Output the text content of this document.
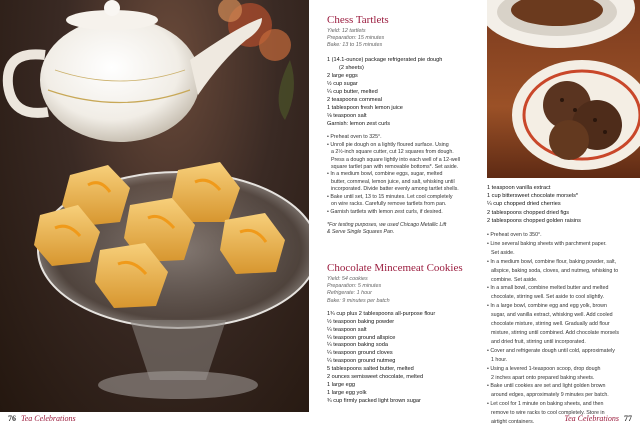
Chess Tartlets
Yield: 12 tartlets
Preparation: 15 minutes
Bake: 13 to 15 minutes
1 (14.1-ounce) package refrigerated pie dough
(2 sheets)
2 large eggs
½ cup sugar
¼ cup butter, melted
2 teaspoons cornmeal
1 tablespoon fresh lemon juice
⅛ teaspoon salt
Garnish: lemon zest curls
• Preheat oven to 325°.
• Unroll pie dough on a lightly floured surface. Using
a 2½-inch square cutter, cut 12 squares from dough.
Press a dough square lightly into each well of a 12-well
square tartlet pan with removable bottoms*. Set aside.
• In a medium bowl, combine eggs, sugar, melted
butter, cornmeal, lemon juice, and salt, whisking until
incorporated. Divide batter evenly among tartlet shells.
• Bake until set, 13 to 15 minutes. Let cool completely
on wire racks. Carefully remove tartlets from pan.
• Garnish tartlets with lemon zest curls, if desired.
*For testing purposes, we used Chicago Metallic Lift
& Serve Single Squares Pan.
Chocolate Mincemeat Cookies
Yield: 54 cookies
Preparation: 5 minutes
Refrigerate: 1 hour
Bake: 9 minutes per batch
1¾ cup plus 2 tablespoons all-purpose flour
½ teaspoon baking powder
¼ teaspoon salt
¼ teaspoon ground allspice
¼ teaspoon baking soda
¼ teaspoon ground cloves
¼ teaspoon ground nutmeg
5 tablespoons salted butter, melted
2 ounces semisweet chocolate, melted
1 large egg
1 large egg yolk
¾ cup firmly packed light brown sugar
1 teaspoon vanilla extract
1 cup bittersweet chocolate morsels*
¼ cup chopped dried cherries
2 tablespoons chopped dried figs
2 tablespoons chopped golden raisins
• Preheat oven to 350°.
• Line several baking sheets with parchment paper.
Set aside.
• In a medium bowl, combine flour, baking powder, salt,
allspice, baking soda, cloves, and nutmeg, whisking to
combine. Set aside.
• In a small bowl, combine melted butter and melted
chocolate, stirring well. Set aside to cool slightly.
• In a large bowl, combine egg and egg yolk, brown
sugar, and vanilla extract, whisking well. Add cooled
chocolate mixture, stirring well. Gradually add flour
mixture, stirring until combined. Add chocolate morsels
and dried fruit, stirring until incorporated.
• Cover and refrigerate dough until cold, approximately
1 hour.
• Using a levered 1-teaspoon scoop, drop dough
2 inches apart onto prepared baking sheets.
• Bake until cookies are set and light golden brown
around edges, approximately 9 minutes per batch.
• Let cool for 1 minute on baking sheets, and then
remove to wire racks to cool completely. Store in
airtight containers.
76 Tea Celebrations	Tea Celebrations 77
